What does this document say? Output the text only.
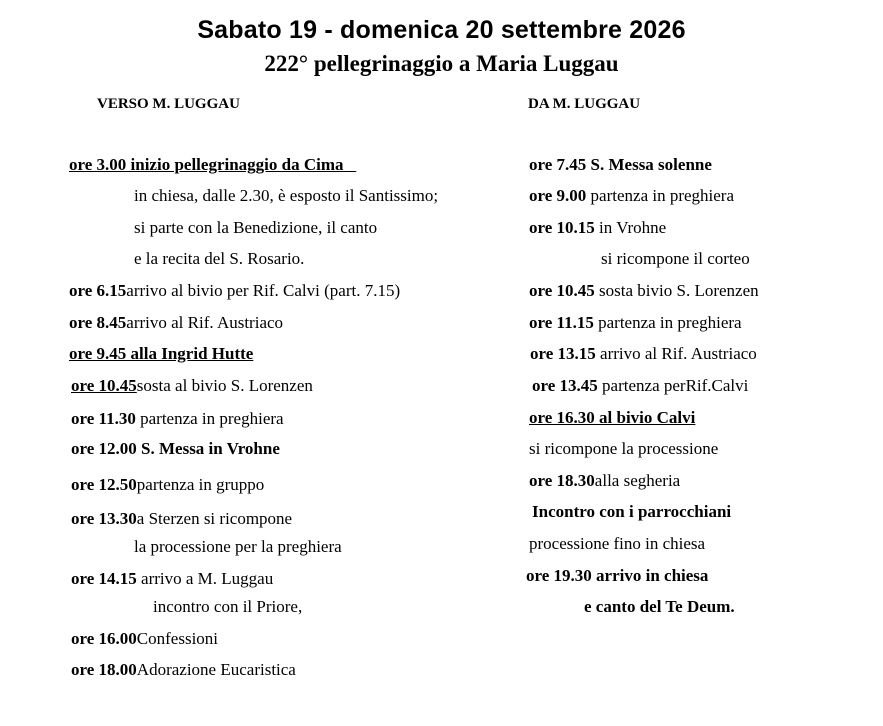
Sabato 19 - domenica 20 settembre 2026
222° pellegrinaggio a Maria Luggau
VERSO M. LUGGAU	DA M. LUGGAU
ore 3.00 inizio pellegrinaggio da Cima
in chiesa, dalle 2.30, è esposto il Santissimo;
si parte con la Benedizione, il canto
e la recita del S. Rosario.
ore 6.15arrivo al bivio per Rif. Calvi (part. 7.15)
ore 8.45arrivo al Rif. Austriaco
ore 9.45 alla Ingrid Hutte
ore 10.45sosta al bivio S. Lorenzen
ore 11.30 partenza in preghiera
ore 12.00 S. Messa in Vrohne
ore 12.50partenza in gruppo
ore 13.30a Sterzen si ricompone
la processione per la preghiera
ore 14.15 arrivo a M. Luggau
incontro con il Priore,
ore 16.00Confessioni
ore 18.00Adorazione Eucaristica
ore 7.45 S. Messa solenne
ore 9.00 partenza in preghiera
ore 10.15 in Vrohne
si ricompone il corteo
ore 10.45 sosta bivio S. Lorenzen
ore 11.15 partenza in preghiera
ore 13.15 arrivo al Rif. Austriaco
ore 13.45 partenza perRif.Calvi
ore 16.30 al bivio Calvi
si ricompone la processione
ore 18.30alla segheria
Incontro con i parrocchiani
processione fino in chiesa
ore 19.30 arrivo in chiesa
e canto del Te Deum.
